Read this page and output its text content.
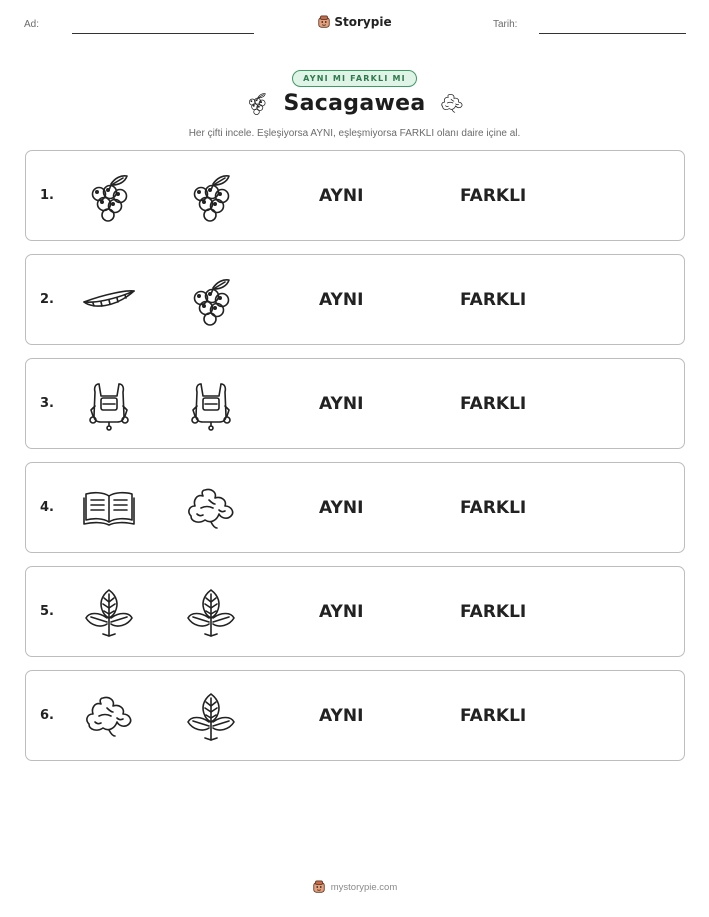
Ad:	Storypie	Tarih:
AYNI MI FARKLI MI
Sacagawea
Her çifti incele. Eşleşiyorsa AYNI, eşleşmiyorsa FARKLI olanı daire içine al.
1.	AYNI	FARKLI
2.	AYNI	FARKLI
3.	AYNI	FARKLI
4.	AYNI	FARKLI
5.	AYNI	FARKLI
6.	AYNI	FARKLI
mystorypie.com
